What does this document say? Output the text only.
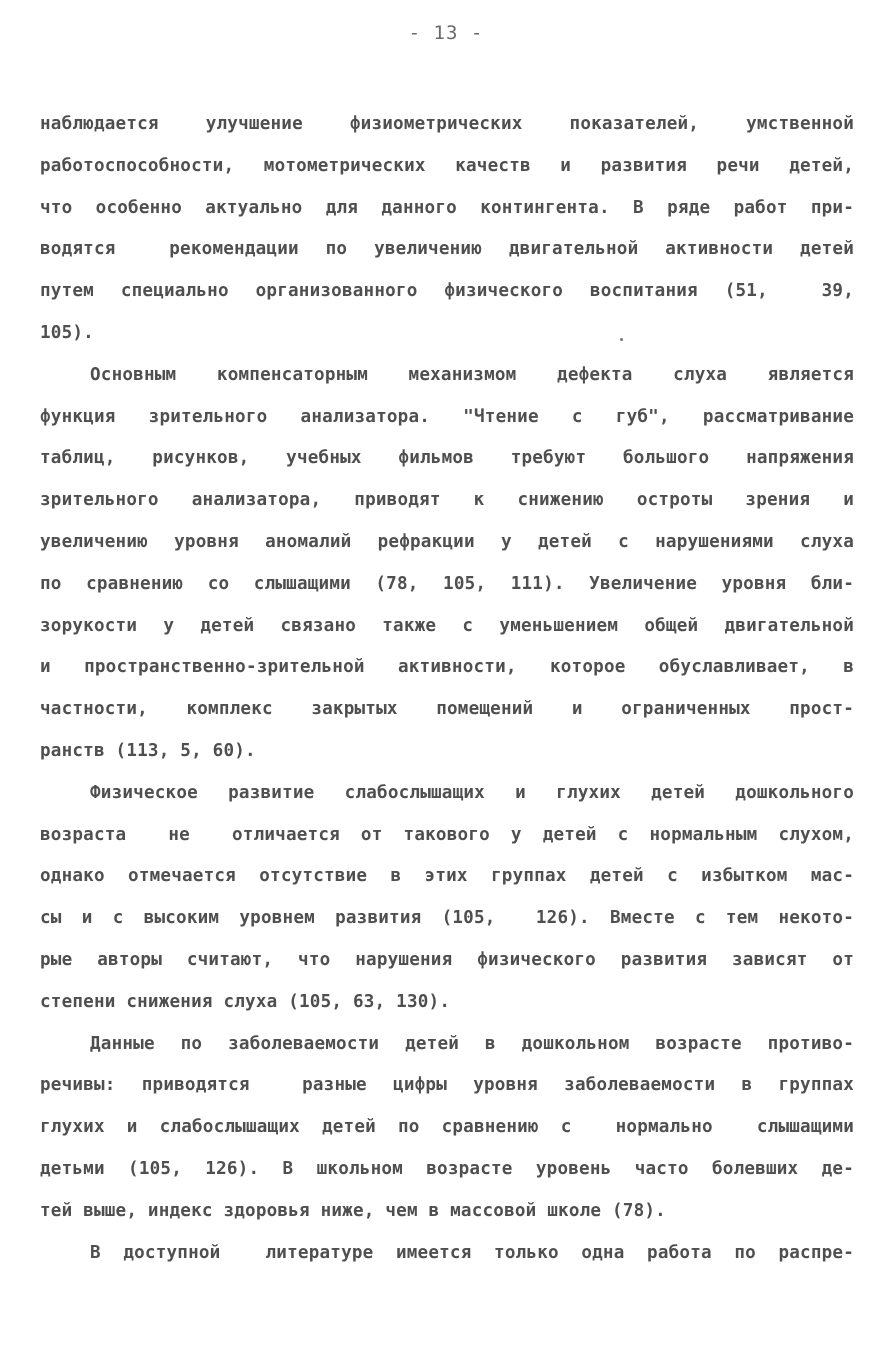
- 13 -
наблюдается улучшение физиометрических показателей, умственной
работоспособности, мотометрических качеств и развития речи детей,
что особенно актуально для данного контингента. В ряде работ при-
водятся  рекомендации по увеличению двигательной активности детей
путем специально организованного физического воспитания (51,  39,
105).
Основным компенсаторным механизмом дефекта слуха является
функция зрительного анализатора. "Чтение с губ", рассматривание
таблиц, рисунков, учебных фильмов требуют большого напряжения
зрительного анализатора, приводят к снижению остроты зрения и
увеличению уровня аномалий рефракции у детей с нарушениями слуха
по сравнению со слышащими (78, 105, 111). Увеличение уровня бли-
зорукости у детей связано также с уменьшением общей двигательной
и пространственно-зрительной активности, которое обуславливает, в
частности, комплекс закрытых помещений и ограниченных прост-
ранств (113, 5, 60).
Физическое развитие слабослышащих и глухих детей дошкольного
возраста  не  отличается от такового у детей с нормальным слухом,
однако отмечается отсутствие в этих группах детей с избытком мас-
сы и с высоким уровнем развития (105,  126). Вместе с тем некото-
рые авторы считают, что нарушения физического развития зависят от
степени снижения слуха (105, 63, 130).
Данные по заболеваемости детей в дошкольном возрасте противо-
речивы: приводятся  разные цифры уровня заболеваемости в группах
глухих и слабослышащих детей по сравнению с  нормально  слышащими
детьми (105, 126). В школьном возрасте уровень часто болевших де-
тей выше, индекс здоровья ниже, чем в массовой школе (78).
В доступной  литературе имеется только одна работа по распре-
